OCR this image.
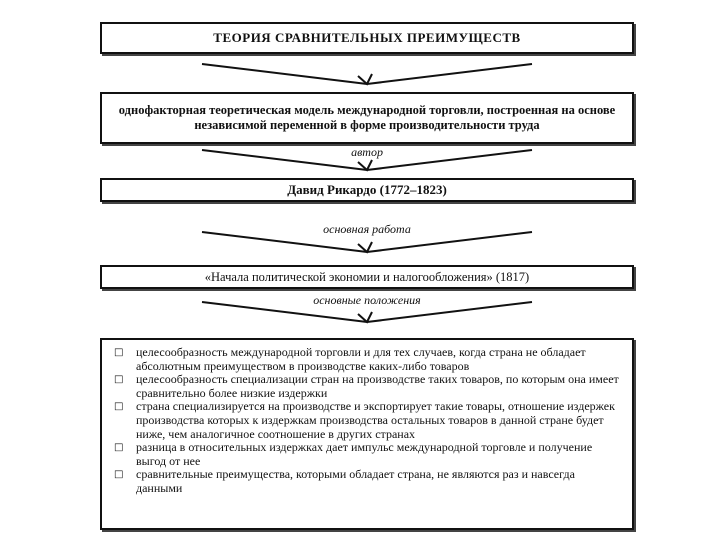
ТЕОРИЯ СРАВНИТЕЛЬНЫХ ПРЕИМУЩЕСТВ
однофакторная теоретическая модель международной торговли, построенная на основе независимой переменной в форме производительности труда
автор
Давид Рикардо (1772–1823)
основная работа
«Начала политической экономии и налогообложения» (1817)
основные положения
□ целесообразность международной торговли и для тех случаев, когда страна не обладает абсолютным преимуществом в производстве каких-либо товаров
□ целесообразность специализации стран на производстве таких товаров, по которым она имеет сравнительно более низкие издержки
□ страна специализируется на производстве и экспортирует такие товары, отношение издержек производства которых к издержкам производства остальных товаров в данной стране будет ниже, чем аналогичное соотношение в других странах
□ разница в относительных издержках дает импульс международной торговле и получение выгод от нее
□ сравнительные преимущества, которыми обладает страна, не являются раз и навсегда данными
